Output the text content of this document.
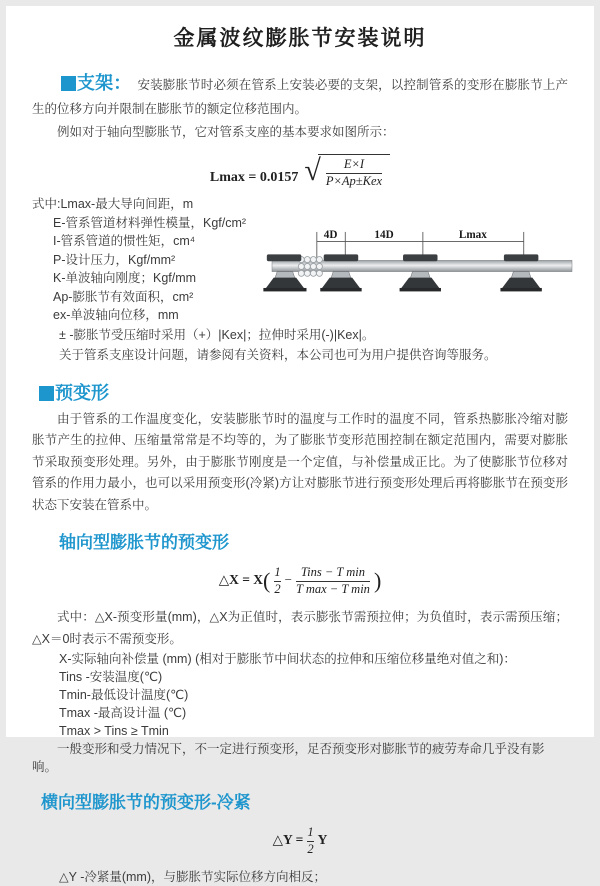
金属波纹膨胀节安装说明

支架： 安装膨胀节时必须在管系上安装必要的支架，以控制管系的变形在膨胀节上产生的位移方向并限制在膨胀节的额定位移范围内。

例如对于轴向型膨胀节，它对管系支座的基本要求如图所示：

Lmax = 0.0157 √ $\frac{E\times I}{\text{P×Ap±Kex}}$
式中:Lmax-最大导向间距，m
E-管系管道材料弹性模量，Kgf/cm²
I-管系管道的惯性矩，cm⁴
P-设计压力，Kgf/mm²
K-单波轴向刚度；Kgf/mm
Ap-膨胀节有效面积，cm²
ex-单波轴向位移，mm
4D	14D	Lmax
± -膨胀节受压缩时采用（+）|Kex|；拉伸时采用(-)|Kex|。
关于管系支座设计问题，请参阅有关资料，本公司也可为用户提供咨询等服务。
预变形

由于管系的工作温度变化，安装膨胀节时的温度与工作时的温度不同，管系热膨胀冷缩对膨胀节产生的拉伸、压缩量常常是不均等的，为了膨胀节变形范围控制在额定范围内，需要对膨胀节采取预变形处理。另外，由于膨胀节刚度是一个定值，与补偿量成正比。为了使膨胀节位移对管系的作用力最小，也可以采用预变形(冷紧)方让对膨胀节进行预变形处理后再将膨胀节在预变形状态下安装在管系中。

轴向型膨胀节的预变形
△X = $X( \frac{1}{2} - \frac{\text{Tins − T min}}{\text{T max − T min}}$ )

式中：△X-预变形量(mm)，△X为正值时，表示膨张节需预拉伸；为负值时，表示需预压缩；△X＝0时表示不需预变形。

X-实际轴向补偿量 (mm) (相对于膨胀节中间状态的拉伸和压缩位移量绝对值之和)：
Tins -安装温度(℃)
Tmin-最低设计温度(℃)
Tmax -最高设计温 (℃)
Tmax > Tins ≥ Tmin
一般变形和受力情况下，不一定进行预变形，足否预变形对膨胀节的疲劳寿命几乎没有影响。
横向型膨胀节的预变形-冷紧
△Y = $\frac{1}{2}$ Y
△Y -冷紧量(mm)，与膨胀节实际位移方向相反；
